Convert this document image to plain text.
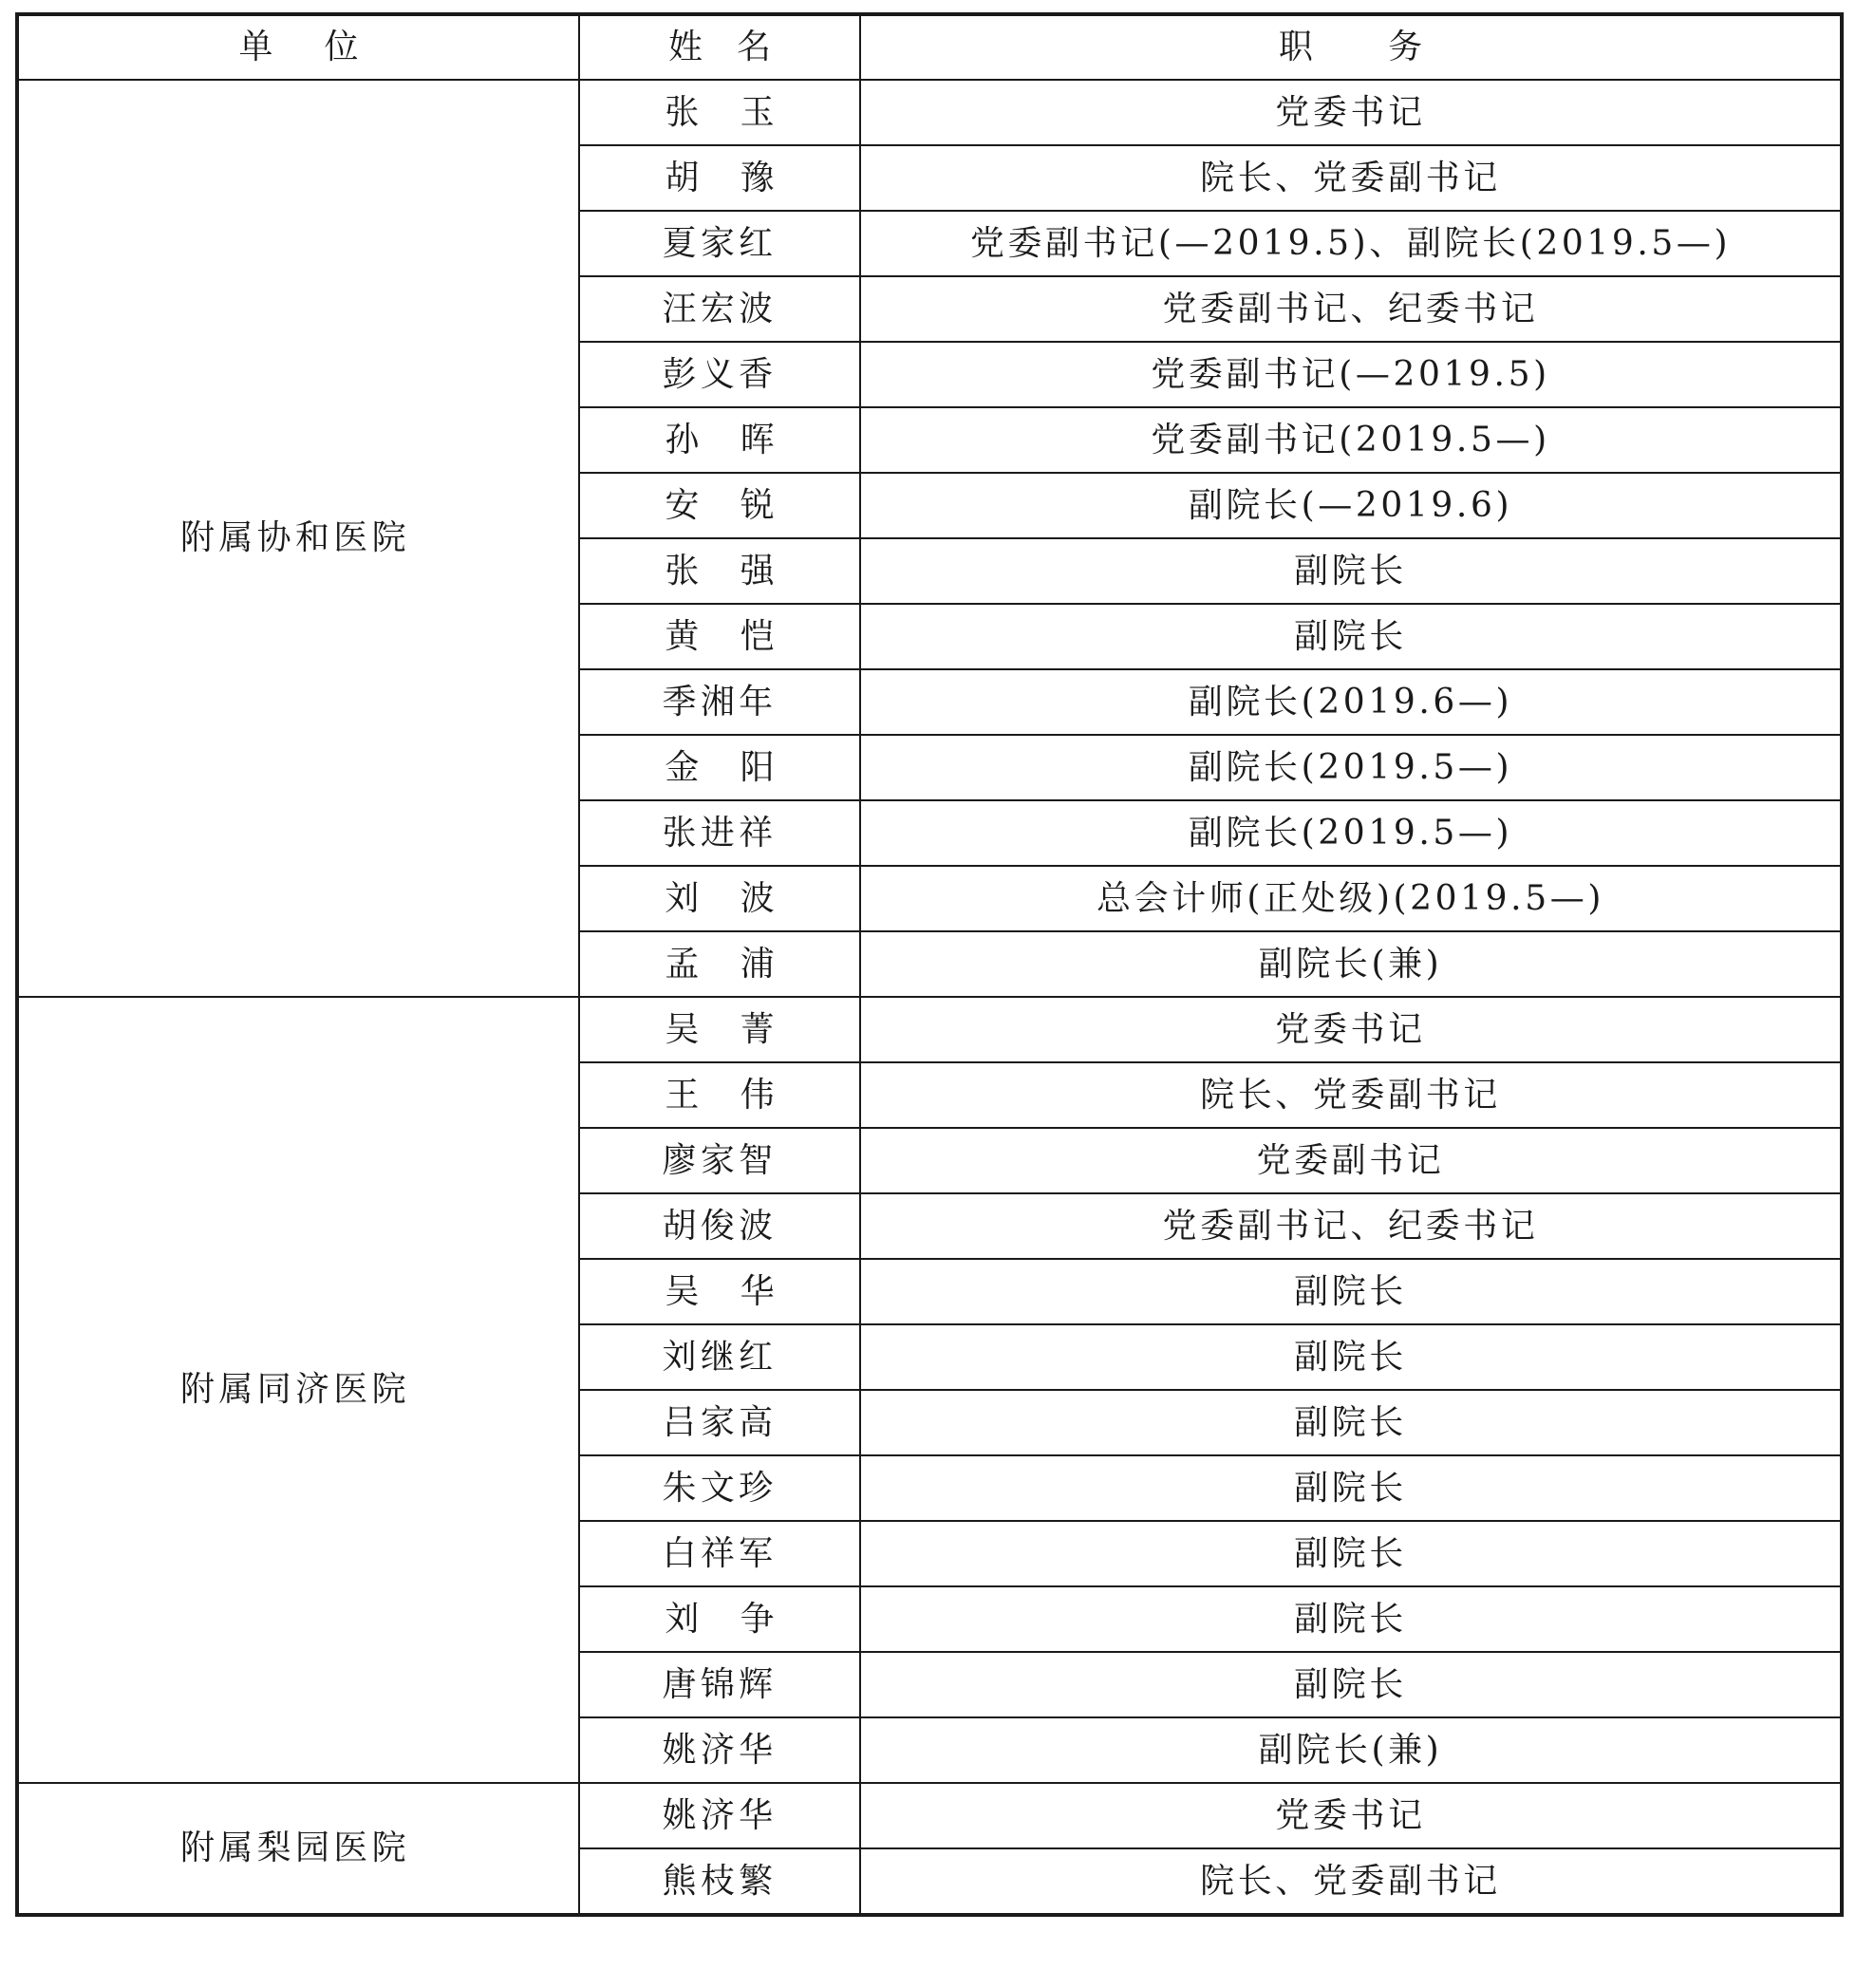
单位	姓名	职务
附属协和医院	张玉	党委书记
	胡豫	院长、党委副书记
	夏家红	党委副书记(—2019.5)、副院长(2019.5—)
	汪宏波	党委副书记、纪委书记
	彭义香	党委副书记(—2019.5)
	孙晖	党委副书记(2019.5—)
	安锐	副院长(—2019.6)
	张强	副院长
	黄恺	副院长
	季湘年	副院长(2019.6—)
	金阳	副院长(2019.5—)
	张进祥	副院长(2019.5—)
	刘波	总会计师(正处级)(2019.5—)
	孟浦	副院长(兼)
附属同济医院	吴菁	党委书记
	王伟	院长、党委副书记
	廖家智	党委副书记
	胡俊波	党委副书记、纪委书记
	吴华	副院长
	刘继红	副院长
	吕家高	副院长
	朱文珍	副院长
	白祥军	副院长
	刘争	副院长
	唐锦辉	副院长
	姚济华	副院长(兼)
附属梨园医院	姚济华	党委书记
	熊枝繁	院长、党委副书记
